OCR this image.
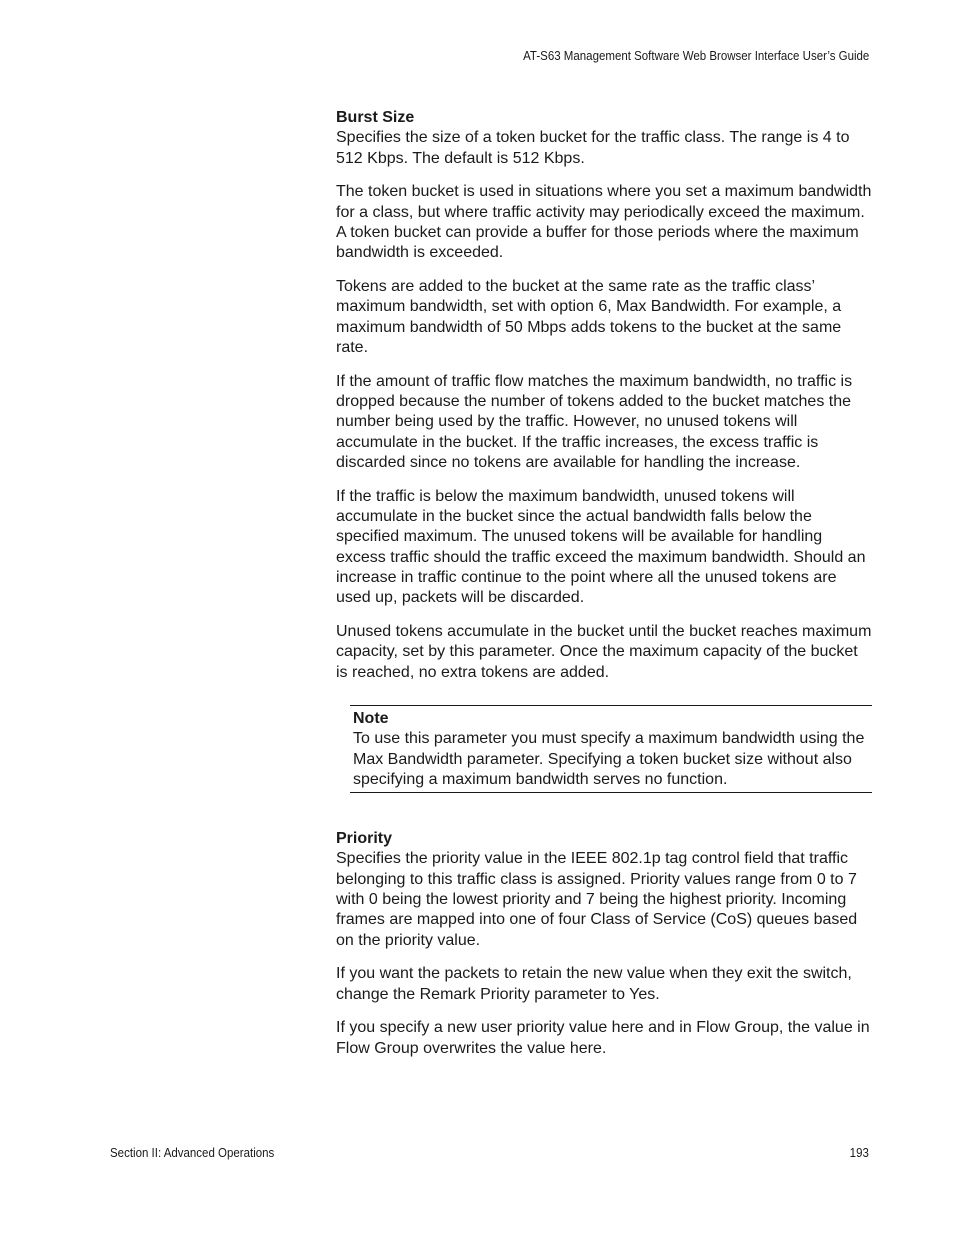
AT-S63 Management Software Web Browser Interface User’s Guide

Burst Size

Specifies the size of a token bucket for the traffic class. The range is 4 to 512 Kbps. The default is 512 Kbps.

The token bucket is used in situations where you set a maximum bandwidth for a class, but where traffic activity may periodically exceed the maximum. A token bucket can provide a buffer for those periods where the maximum bandwidth is exceeded.

Tokens are added to the bucket at the same rate as the traffic class’ maximum bandwidth, set with option 6, Max Bandwidth. For example, a maximum bandwidth of 50 Mbps adds tokens to the bucket at the same rate.

If the amount of traffic flow matches the maximum bandwidth, no traffic is dropped because the number of tokens added to the bucket matches the number being used by the traffic. However, no unused tokens will accumulate in the bucket. If the traffic increases, the excess traffic is discarded since no tokens are available for handling the increase.

If the traffic is below the maximum bandwidth, unused tokens will accumulate in the bucket since the actual bandwidth falls below the specified maximum. The unused tokens will be available for handling excess traffic should the traffic exceed the maximum bandwidth. Should an increase in traffic continue to the point where all the unused tokens are used up, packets will be discarded.

Unused tokens accumulate in the bucket until the bucket reaches maximum capacity, set by this parameter. Once the maximum capacity of the bucket is reached, no extra tokens are added.

Note

To use this parameter you must specify a maximum bandwidth using the Max Bandwidth parameter. Specifying a token bucket size without also specifying a maximum bandwidth serves no function.

Priority

Specifies the priority value in the IEEE 802.1p tag control field that traffic belonging to this traffic class is assigned. Priority values range from 0 to 7 with 0 being the lowest priority and 7 being the highest priority. Incoming frames are mapped into one of four Class of Service (CoS) queues based on the priority value.

If you want the packets to retain the new value when they exit the switch, change the Remark Priority parameter to Yes.

If you specify a new user priority value here and in Flow Group, the value in Flow Group overwrites the value here.

Section II: Advanced Operations	193
